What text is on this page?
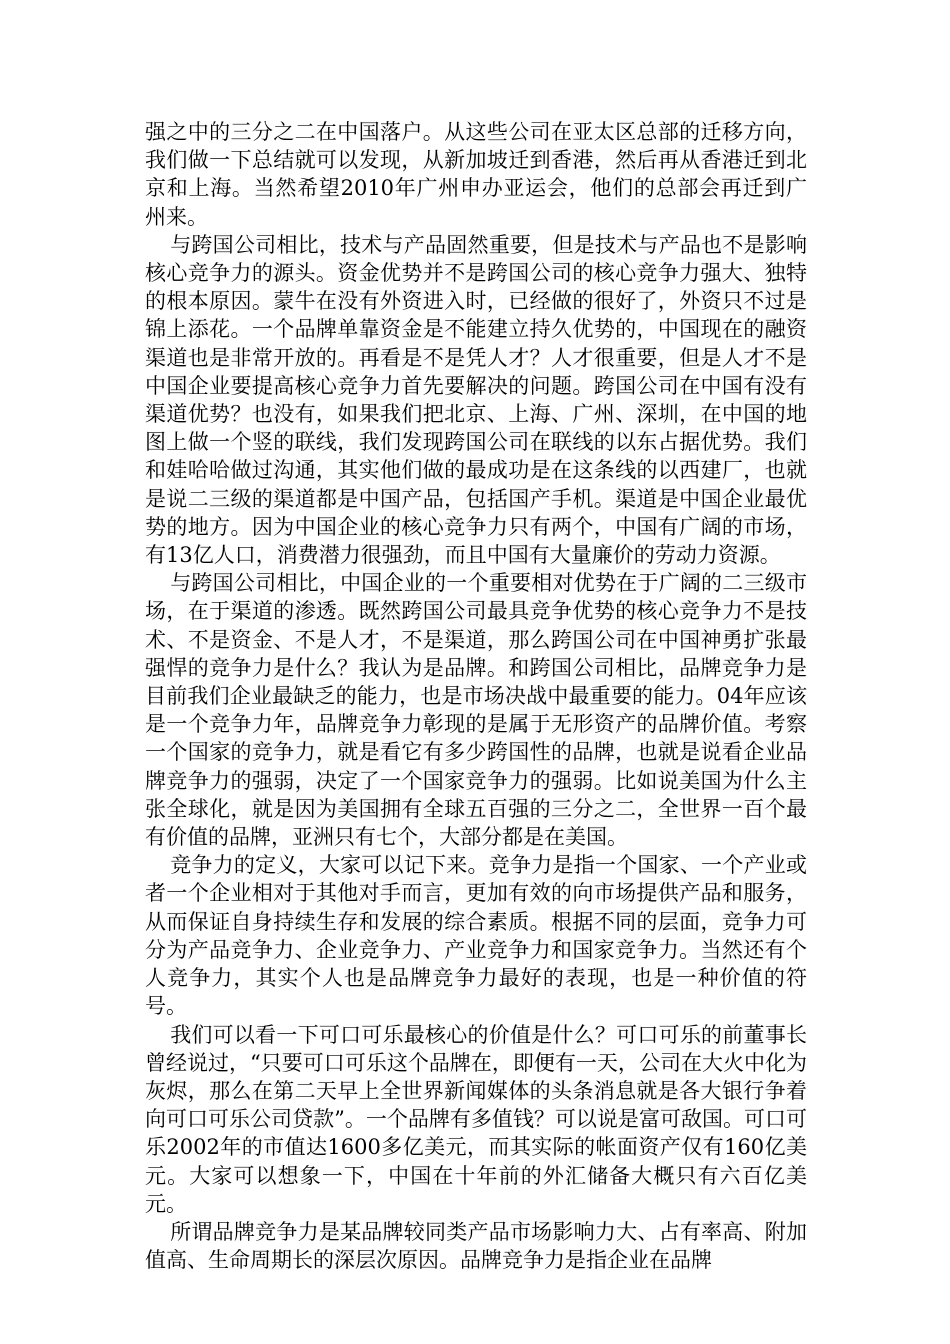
强之中的三分之二在中国落户。从这些公司在亚太区总部的迁移方向，我们做一下总结就可以发现，从新加坡迁到香港，然后再从香港迁到北京和上海。当然希望2010年广州申办亚运会，他们的总部会再迁到广州来。

与跨国公司相比，技术与产品固然重要，但是技术与产品也不是影响核心竞争力的源头。资金优势并不是跨国公司的核心竞争力强大、独特的根本原因。蒙牛在没有外资进入时，已经做的很好了，外资只不过是锦上添花。一个品牌单靠资金是不能建立持久优势的，中国现在的融资渠道也是非常开放的。再看是不是凭人才？人才很重要，但是人才不是中国企业要提高核心竞争力首先要解决的问题。跨国公司在中国有没有渠道优势？也没有，如果我们把北京、上海、广州、深圳，在中国的地图上做一个竖的联线，我们发现跨国公司在联线的以东占据优势。我们和娃哈哈做过沟通，其实他们做的最成功是在这条线的以西建厂，也就是说二三级的渠道都是中国产品，包括国产手机。渠道是中国企业最优势的地方。因为中国企业的核心竞争力只有两个，中国有广阔的市场，有13亿人口，消费潜力很强劲，而且中国有大量廉价的劳动力资源。

与跨国公司相比，中国企业的一个重要相对优势在于广阔的二三级市场，在于渠道的渗透。既然跨国公司最具竞争优势的核心竞争力不是技术、不是资金、不是人才，不是渠道，那么跨国公司在中国神勇扩张最强悍的竞争力是什么？我认为是品牌。和跨国公司相比，品牌竞争力是目前我们企业最缺乏的能力，也是市场决战中最重要的能力。04年应该是一个竞争力年，品牌竞争力彰现的是属于无形资产的品牌价值。考察一个国家的竞争力，就是看它有多少跨国性的品牌，也就是说看企业品牌竞争力的强弱，决定了一个国家竞争力的强弱。比如说美国为什么主张全球化，就是因为美国拥有全球五百强的三分之二，全世界一百个最有价值的品牌，亚洲只有七个，大部分都是在美国。

竞争力的定义，大家可以记下来。竞争力是指一个国家、一个产业或者一个企业相对于其他对手而言，更加有效的向市场提供产品和服务，从而保证自身持续生存和发展的综合素质。根据不同的层面，竞争力可分为产品竞争力、企业竞争力、产业竞争力和国家竞争力。当然还有个人竞争力，其实个人也是品牌竞争力最好的表现，也是一种价值的符号。

我们可以看一下可口可乐最核心的价值是什么？可口可乐的前董事长曾经说过，“只要可口可乐这个品牌在，即便有一天，公司在大火中化为灰烬，那么在第二天早上全世界新闻媒体的头条消息就是各大银行争着向可口可乐公司贷款”。一个品牌有多值钱？可以说是富可敌国。可口可乐2002年的市值达1600多亿美元，而其实际的帐面资产仅有160亿美元。大家可以想象一下，中国在十年前的外汇储备大概只有六百亿美元。

所谓品牌竞争力是某品牌较同类产品市场影响力大、占有率高、附加值高、生命周期长的深层次原因。品牌竞争力是指企业在品牌
